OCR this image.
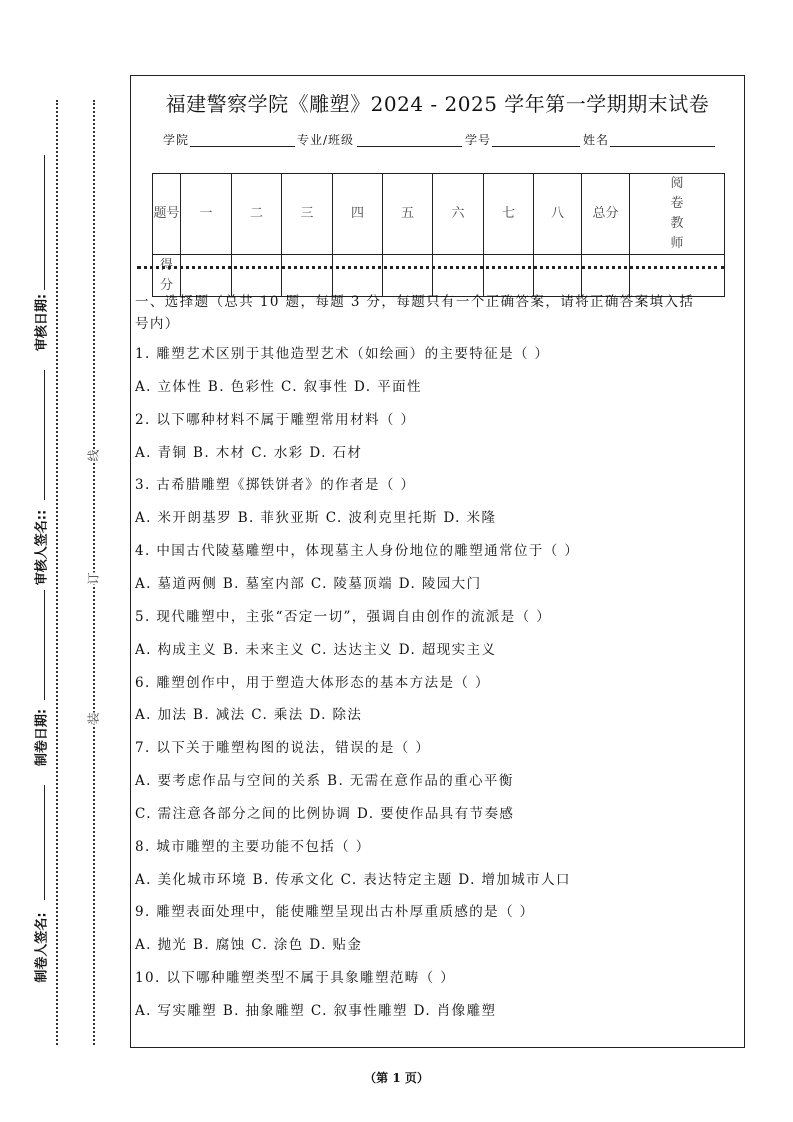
审核日期:
审核人签名::
制卷日期:
制卷人签名:
线
订
装
福建警察学院《雕塑》2024 - 2025 学年第一学期期末试卷
学院	专业/班级	学号	姓名
题号	一	二	三	四	五	六	七	八	总分	阅卷教师
得分										
一、选择题（总共 10 题，每题 3 分，每题只有一个正确答案，请将正确答案填入括
号内）
1. 雕塑艺术区别于其他造型艺术（如绘画）的主要特征是（ ）
A. 立体性 B. 色彩性 C. 叙事性 D. 平面性
2. 以下哪种材料不属于雕塑常用材料（ ）
A. 青铜 B. 木材 C. 水彩 D. 石材
3. 古希腊雕塑《掷铁饼者》的作者是（ ）
A. 米开朗基罗 B. 菲狄亚斯 C. 波利克里托斯 D. 米隆
4. 中国古代陵墓雕塑中，体现墓主人身份地位的雕塑通常位于（ ）
A. 墓道两侧 B. 墓室内部 C. 陵墓顶端 D. 陵园大门
5. 现代雕塑中，主张“否定一切”，强调自由创作的流派是（ ）
A. 构成主义 B. 未来主义 C. 达达主义 D. 超现实主义
6. 雕塑创作中，用于塑造大体形态的基本方法是（ ）
A. 加法 B. 减法 C. 乘法 D. 除法
7. 以下关于雕塑构图的说法，错误的是（ ）
A. 要考虑作品与空间的关系 B. 无需在意作品的重心平衡
C. 需注意各部分之间的比例协调 D. 要使作品具有节奏感
8. 城市雕塑的主要功能不包括（ ）
A. 美化城市环境 B. 传承文化 C. 表达特定主题 D. 增加城市人口
9. 雕塑表面处理中，能使雕塑呈现出古朴厚重质感的是（ ）
A. 抛光 B. 腐蚀 C. 涂色 D. 贴金
10. 以下哪种雕塑类型不属于具象雕塑范畴（ ）
A. 写实雕塑 B. 抽象雕塑 C. 叙事性雕塑 D. 肖像雕塑
（第 1 页）
